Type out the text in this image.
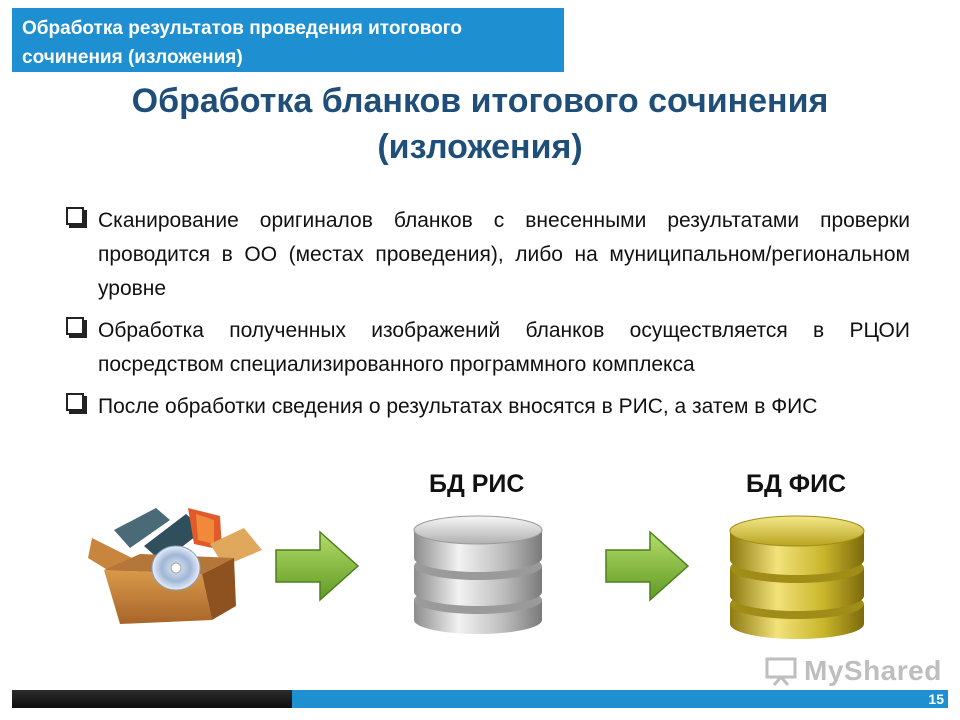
Обработка результатов проведения итогового
сочинения (изложения)
Обработка бланков итогового сочинения
(изложения)
Сканирование оригиналов бланков с внесенными результатами проверки проводится в ОО (местах проведения), либо на муниципальном/региональном уровне
Обработка полученных изображений бланков осуществляется в РЦОИ посредством специализированного программного комплекса
После обработки сведения о результатах вносятся в РИС, а затем в ФИС
БД РИС	БД ФИС
MyShared
15
